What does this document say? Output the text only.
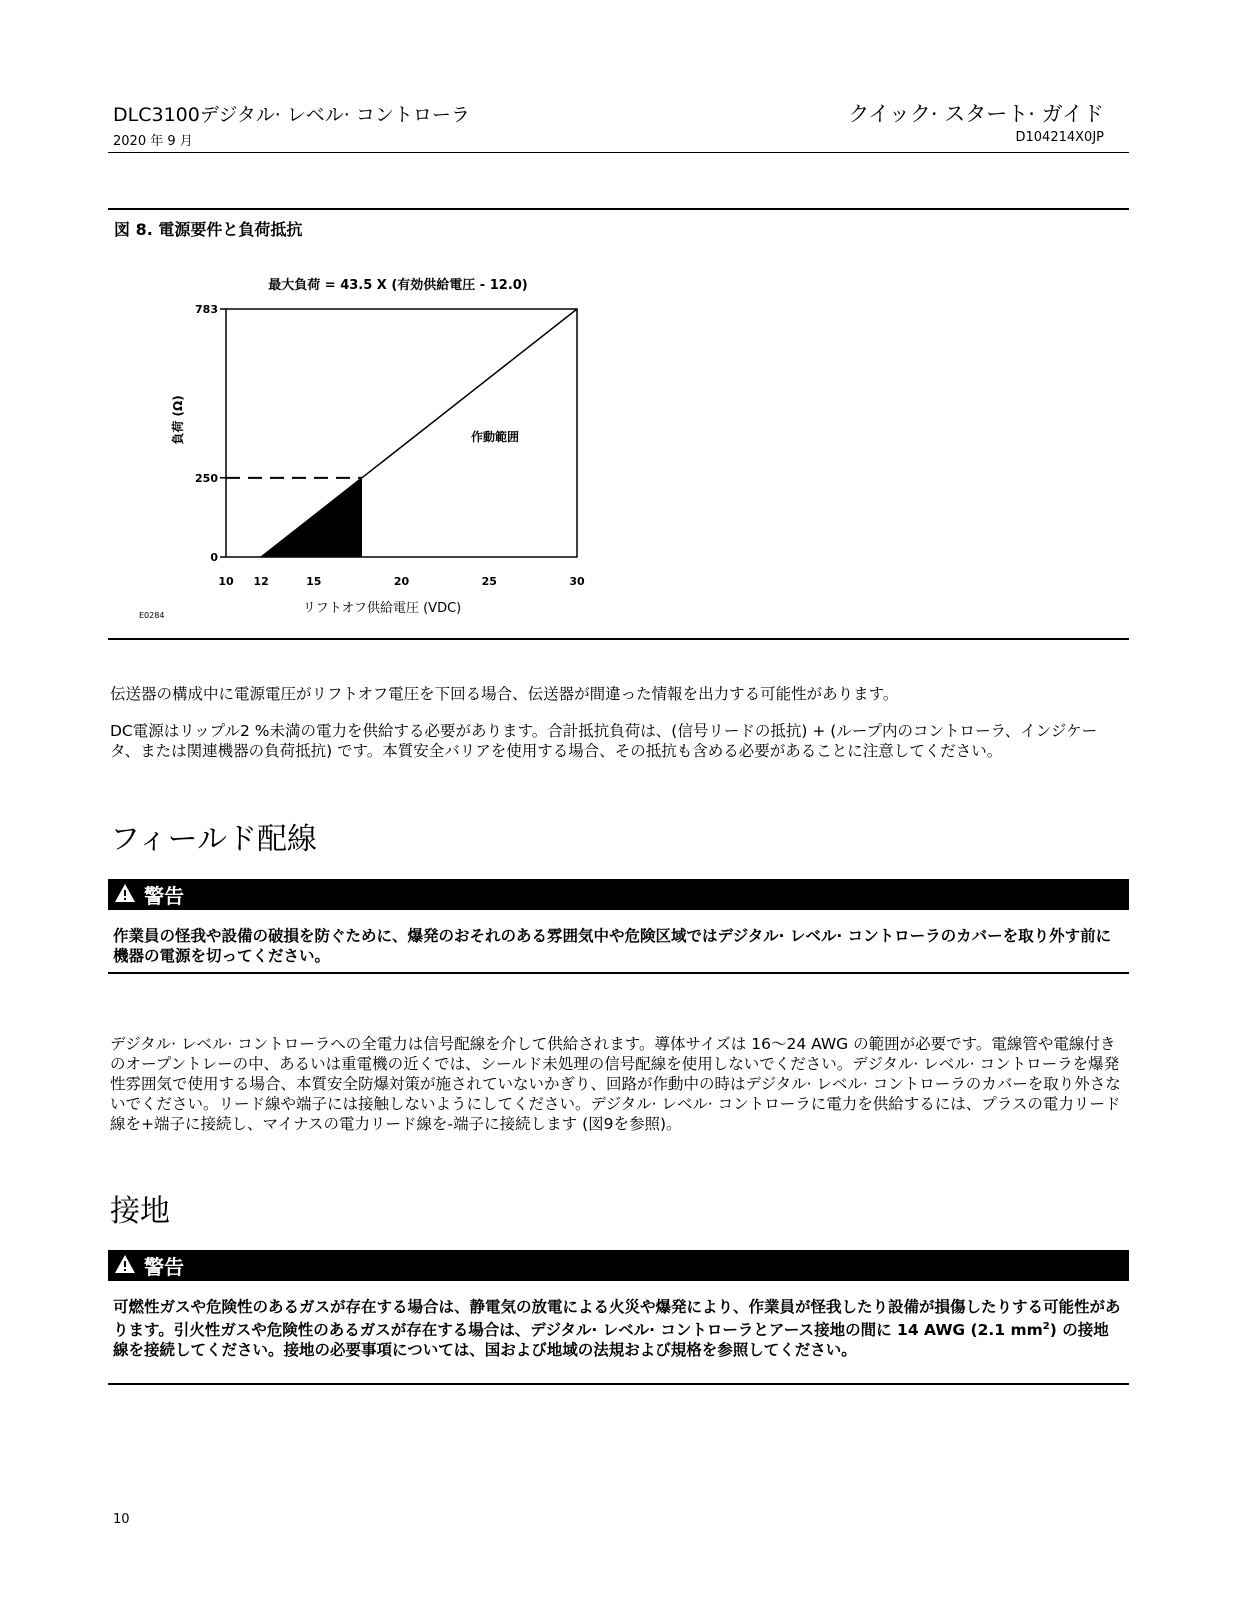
DLC3100デジタル· レベル· コントローラ
2020 年 9 月
クイック· スタート· ガイド
D104214X0JP
図 8. 電源要件と負荷抵抗
最大負荷 = 43.5 X (有効供給電圧 - 12.0)
10 12	15	20	25	30
0
250
783
負荷 (Ω)
リフトオフ供給電圧 (VDC)
作動範囲
E0284
伝送器の構成中に電源電圧がリフトオフ電圧を下回る場合、伝送器が間違った情報を出力する可能性があります。
DC電源はリップル2 %未満の電力を供給する必要があります。合計抵抗負荷は、(信号リードの抵抗) + (ループ内のコントローラ、インジケータ、または関連機器の負荷抵抗) です。本質安全バリアを使用する場合、その抵抗も含める必要があることに注意してください。
フィールド配線
警告
作業員の怪我や設備の破損を防ぐために、爆発のおそれのある雰囲気中や危険区域ではデジタル· レベル· コントローラのカバーを取り外す前に機器の電源を切ってください。
デジタル· レベル· コントローラへの全電力は信号配線を介して供給されます。導体サイズは 16〜24 AWG の範囲が必要です。電線管や電線付きのオープントレーの中、あるいは重電機の近くでは、シールド未処理の信号配線を使用しないでください。デジタル· レベル· コントローラを爆発性雰囲気で使用する場合、本質安全防爆対策が施されていないかぎり、回路が作動中の時はデジタル· レベル· コントローラのカバーを取り外さないでください。リード線や端子には接触しないようにしてください。デジタル· レベル· コントローラに電力を供給するには、プラスの電力リード線を+端子に接続し、マイナスの電力リード線を-端子に接続します (図9を参照)。
接地
警告
可燃性ガスや危険性のあるガスが存在する場合は、静電気の放電による火災や爆発により、作業員が怪我したり設備が損傷したりする可能性があります。引火性ガスや危険性のあるガスが存在する場合は、デジタル· レベル· コントローラとアース接地の間に 14 AWG (2.1 $mm^2$) の接地線を接続してください。接地の必要事項については、国および地域の法規および規格を参照してください。
10
